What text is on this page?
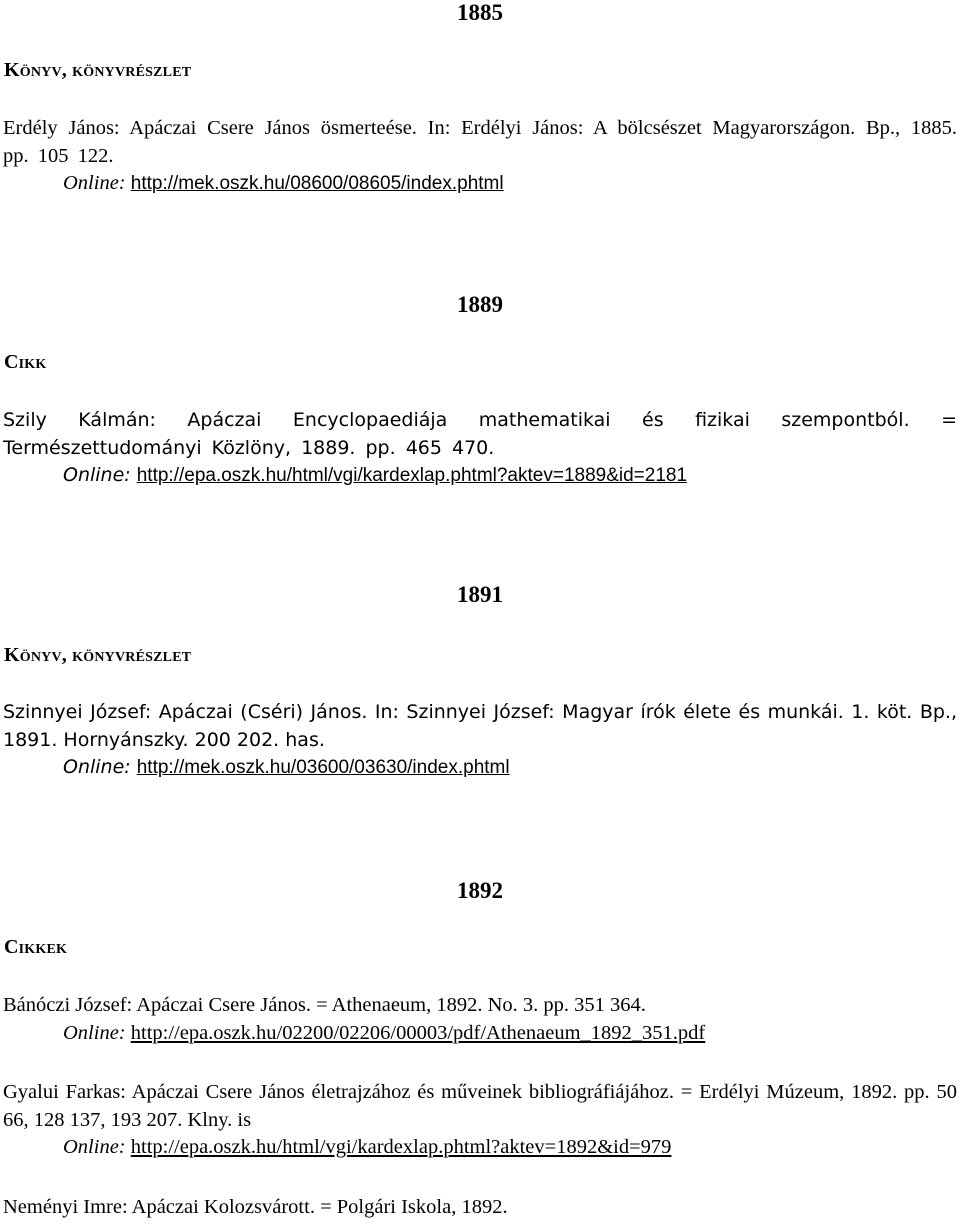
1885
Könyv, könyvrészlet
Erdély János: Apáczai Csere János ösmerteése. In: Erdélyi János: A bölcsészet Magyarországon. Bp., 1885. pp. 105 122.
Online: http://mek.oszk.hu/08600/08605/index.phtml
1889
Cikk
Szily Kálmán: Apáczai Encyclopaediája mathematikai és fizikai szempontból. = Természettudományi Közlöny, 1889. pp. 465 470.
Online: http://epa.oszk.hu/html/vgi/kardexlap.phtml?aktev=1889&id=2181
1891
Könyv, könyvrészlet
Szinnyei József: Apáczai (Cséri) János. In: Szinnyei József: Magyar írók élete és munkái. 1. köt. Bp., 1891. Hornyánszky. 200 202. has.
Online: http://mek.oszk.hu/03600/03630/index.phtml
1892
Cikkek
Bánóczi József: Apáczai Csere János. = Athenaeum, 1892. No. 3. pp. 351 364.
Online: http://epa.oszk.hu/02200/02206/00003/pdf/Athenaeum_1892_351.pdf
Gyalui Farkas: Apáczai Csere János életrajzához és műveinek bibliográfiájához. = Erdélyi Múzeum, 1892. pp. 50 66, 128 137, 193 207. Klny. is
Online: http://epa.oszk.hu/html/vgi/kardexlap.phtml?aktev=1892&id=979
Neményi Imre: Apáczai Kolozsvárott. = Polgári Iskola, 1892.
